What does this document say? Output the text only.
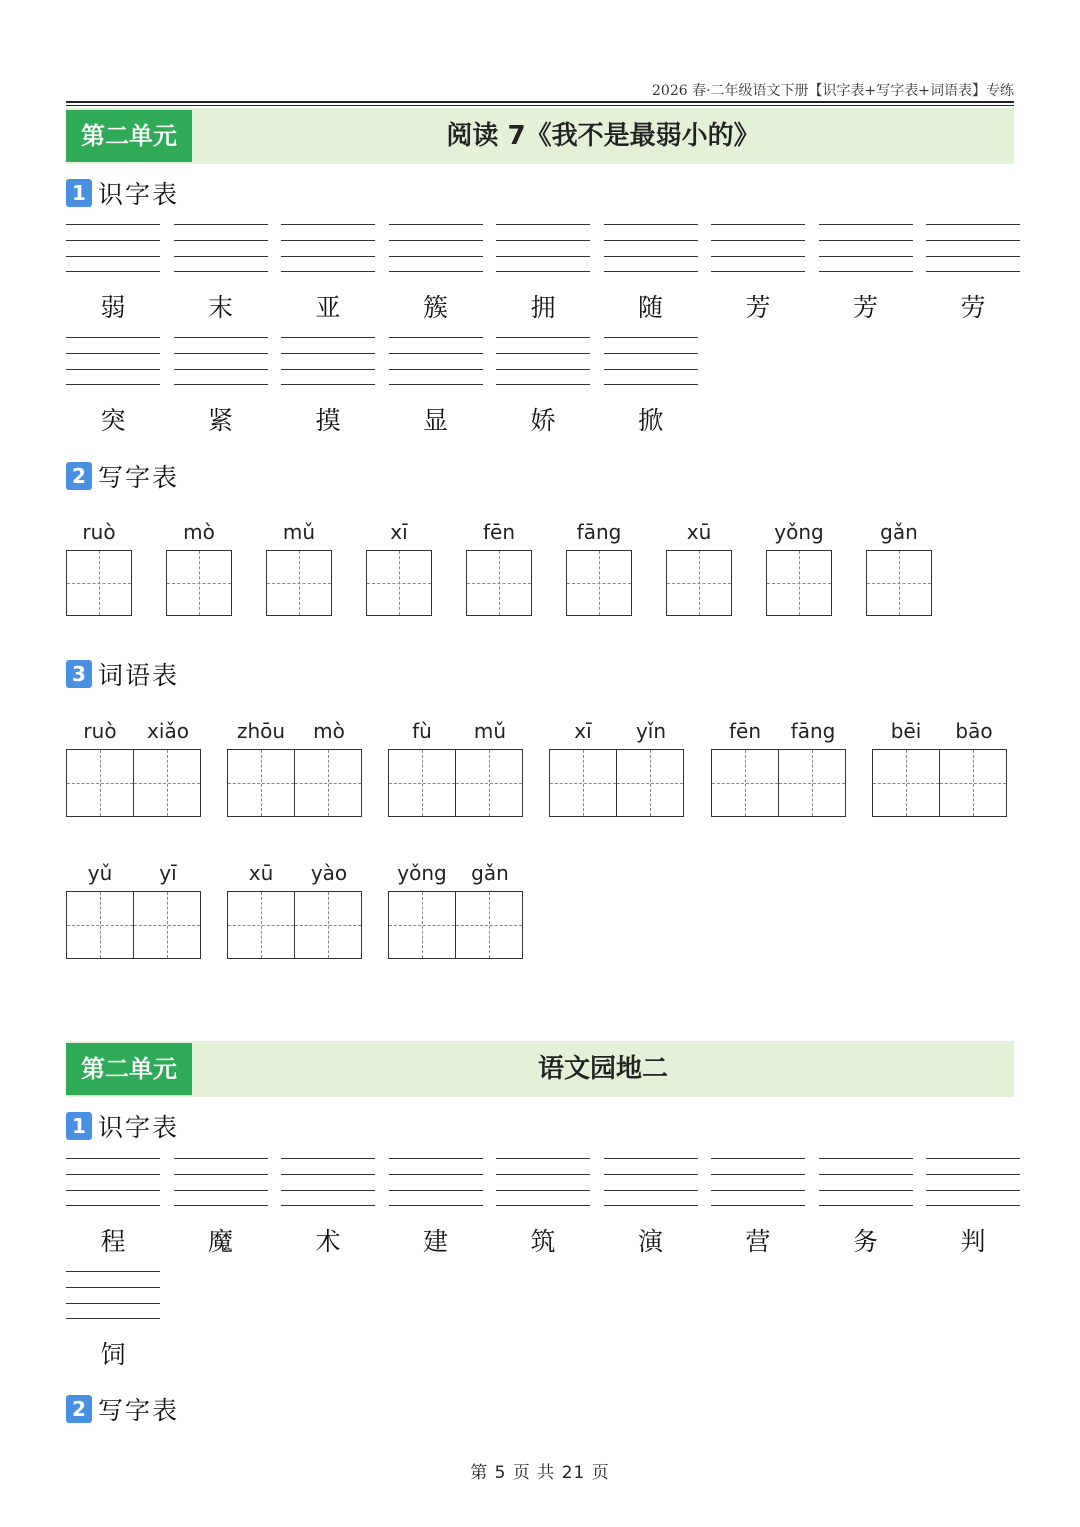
2026 春·二年级语文下册【识字表+写字表+词语表】专练
第二单元	阅读 7《我不是最弱小的》
1 识字表
弱	末	亚	簇	拥	随	芳	芳	劳
突	紧	摸	显	娇	掀
2 写字表
ruò	mò	mǔ	xī	fēn	fāng	xū	yǒng	gǎn
3 词语表
ruò	xiǎo	zhōu	mò	fù	mǔ	xī	yǐn	fēn	fāng	bēi	bāo
yǔ	yī	xū	yào	yǒng	gǎn
第二单元	语文园地二
1 识字表
程	魔	术	建	筑	演	营	务	判
饲
2 写字表
第 5 页 共 21 页
